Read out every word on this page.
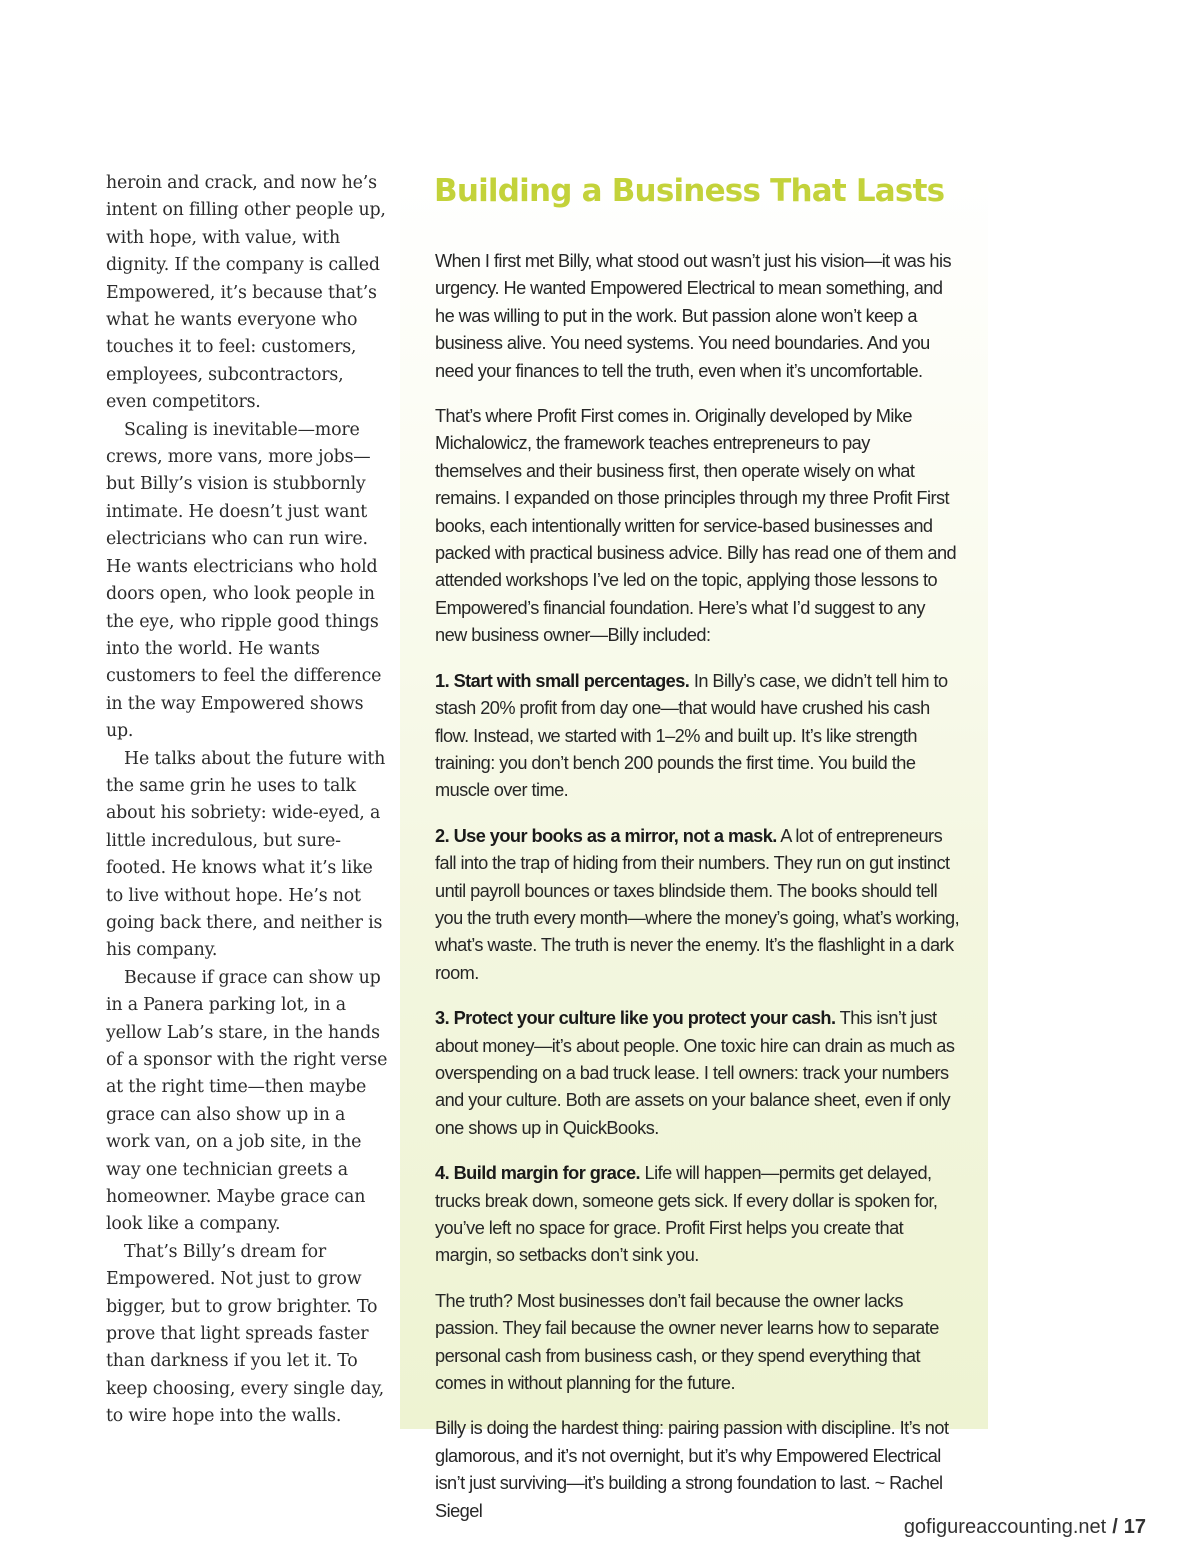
heroin and crack, and now he’s intent on filling other people up, with hope, with value, with dignity. If the company is called Empowered, it’s because that’s what he wants everyone who touches it to feel: customers, employees, subcontractors, even competitors.

Scaling is inevitable—more crews, more vans, more jobs—but Billy’s vision is stubbornly intimate. He doesn’t just want electricians who can run wire. He wants electricians who hold doors open, who look people in the eye, who ripple good things into the world. He wants customers to feel the difference in the way Empowered shows up.

He talks about the future with the same grin he uses to talk about his sobriety: wide-eyed, a little incredulous, but sure-footed. He knows what it’s like to live without hope. He’s not going back there, and neither is his company.

Because if grace can show up in a Panera parking lot, in a yellow Lab’s stare, in the hands of a sponsor with the right verse at the right time—then maybe grace can also show up in a work van, on a job site, in the way one technician greets a homeowner. Maybe grace can look like a company.

That’s Billy’s dream for Empowered. Not just to grow bigger, but to grow brighter. To prove that light spreads faster than darkness if you let it. To keep choosing, every single day, to wire hope into the walls.

Building a Business That Lasts

When I first met Billy, what stood out wasn’t just his vision—it was his urgency. He wanted Empowered Electrical to mean something, and he was willing to put in the work. But passion alone won’t keep a business alive. You need systems. You need boundaries. And you need your finances to tell the truth, even when it’s uncomfortable.

That’s where Profit First comes in. Originally developed by Mike Michalowicz, the framework teaches entrepreneurs to pay themselves and their business first, then operate wisely on what remains. I expanded on those principles through my three Profit First books, each intentionally written for service-based businesses and packed with practical business advice. Billy has read one of them and attended workshops I’ve led on the topic, applying those lessons to Empowered’s financial foundation. Here’s what I’d suggest to any new business owner—Billy included:

1. Start with small percentages. In Billy’s case, we didn’t tell him to stash 20% profit from day one—that would have crushed his cash flow. Instead, we started with 1–2% and built up. It’s like strength training: you don’t bench 200 pounds the first time. You build the muscle over time.

2. Use your books as a mirror, not a mask. A lot of entrepreneurs fall into the trap of hiding from their numbers. They run on gut instinct until payroll bounces or taxes blindside them. The books should tell you the truth every month—where the money’s going, what’s working, what’s waste. The truth is never the enemy. It’s the flashlight in a dark room.

3. Protect your culture like you protect your cash. This isn’t just about money—it’s about people. One toxic hire can drain as much as overspending on a bad truck lease. I tell owners: track your numbers and your culture. Both are assets on your balance sheet, even if only one shows up in QuickBooks.

4. Build margin for grace. Life will happen—permits get delayed, trucks break down, someone gets sick. If every dollar is spoken for, you’ve left no space for grace. Profit First helps you create that margin, so setbacks don’t sink you.

The truth? Most businesses don’t fail because the owner lacks passion. They fail because the owner never learns how to separate personal cash from business cash, or they spend everything that comes in without planning for the future.

Billy is doing the hardest thing: pairing passion with discipline. It’s not glamorous, and it’s not overnight, but it’s why Empowered Electrical isn’t just surviving—it’s building a strong foundation to last. ~ Rachel Siegel

gofigureaccounting.net / 17
